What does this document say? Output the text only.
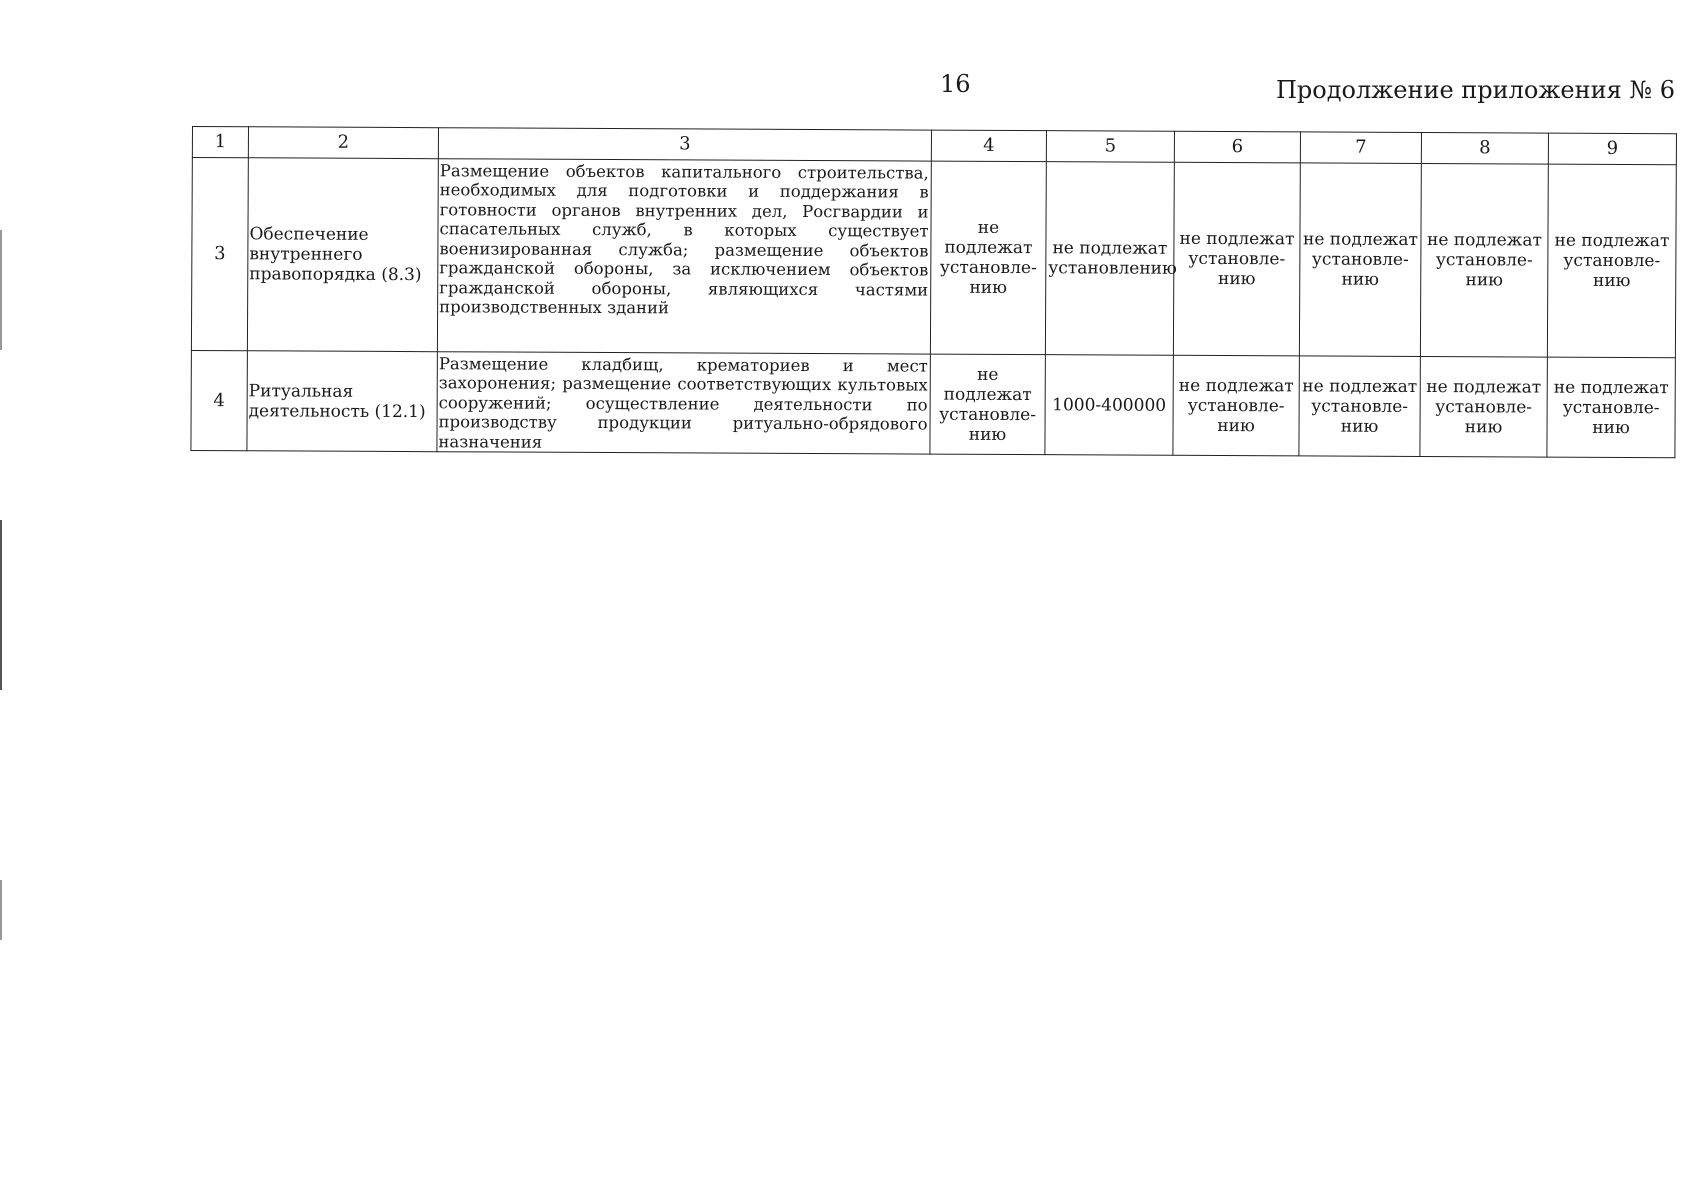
16	Продолжение приложения № 6
1	2	3	4	5	6	7	8	9
3	Обеспечение внутреннего правопорядка (8.3)	Размещение объектов капитального строительства, необходимых для подготовки и поддержания в готовности органов внутренних дел, Росгвардии и спасательных служб, в которых существует военизированная служба; размещение объектов гражданской обороны, за исключением объектов гражданской обороны, являющихся частями производственных зданий	не подлежат установле-нию	не подлежат установлению	не подлежат установле-нию	не подлежат установле-нию	не подлежат установле-нию	не подлежат установле-нию
4	Ритуальная деятельность (12.1)	Размещение кладбищ, крематориев и мест захоронения; размещение соответствующих культовых сооружений; осуществление деятельности по производству продукции ритуально-обрядового назначения	не подлежат установле-нию	1000-400000	не подлежат установле-нию	не подлежат установле-нию	не подлежат установле-нию	не подлежат установле-нию
